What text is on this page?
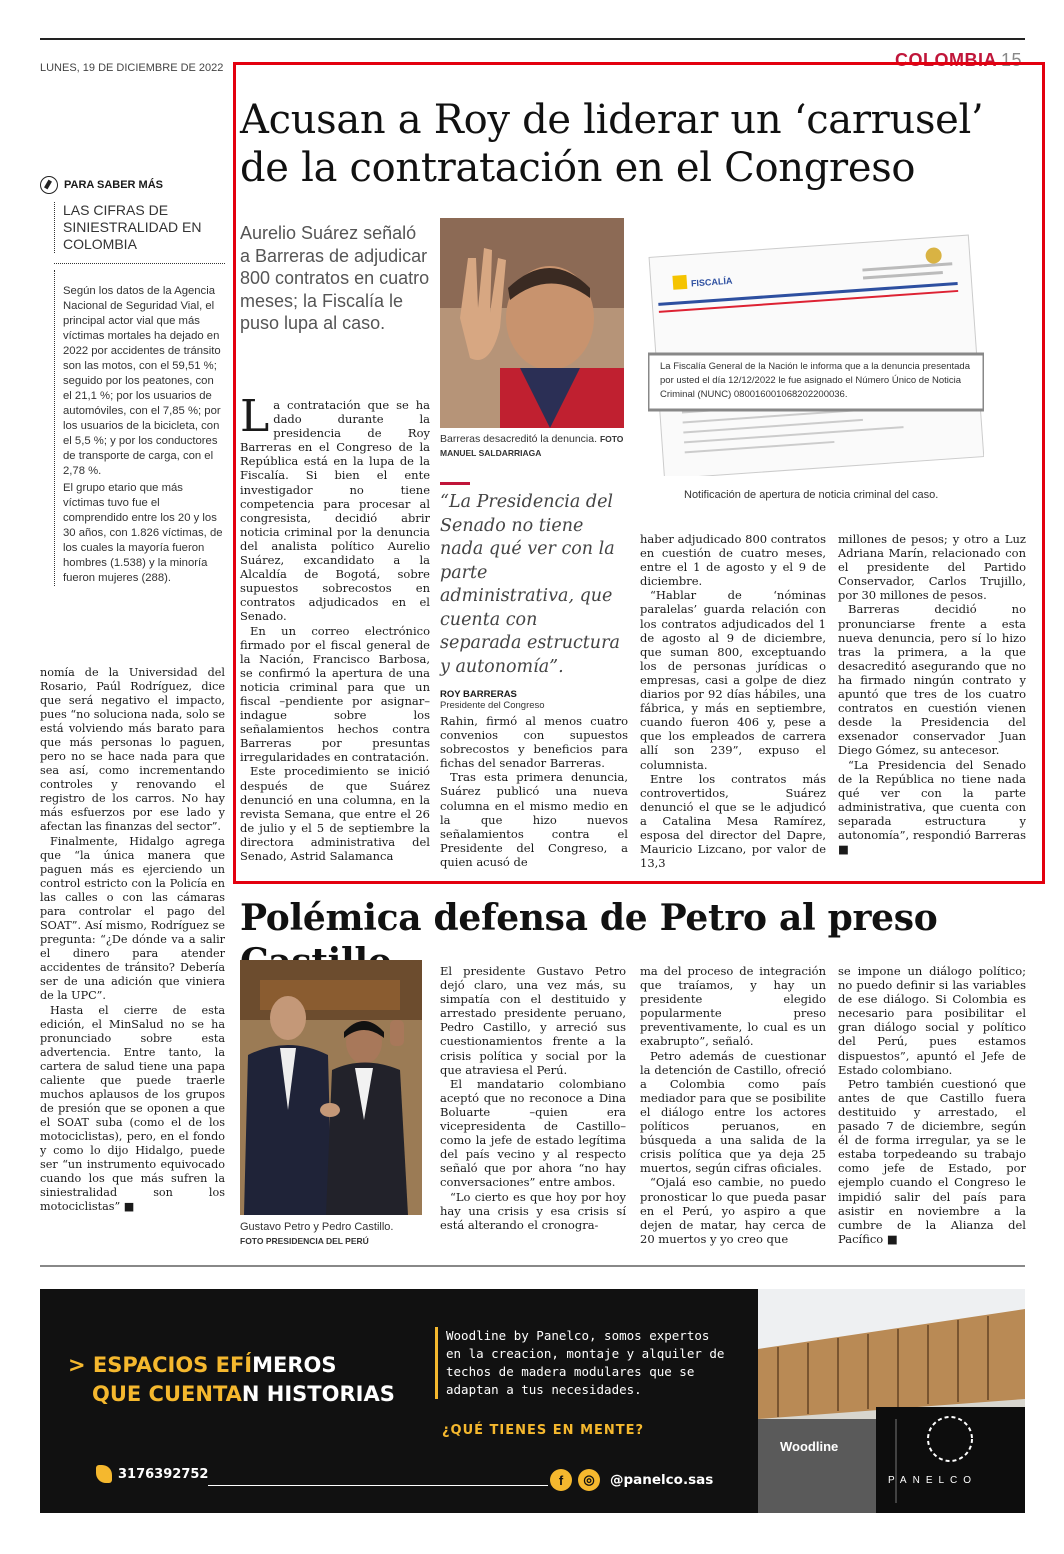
LUNES, 19 DE DICIEMBRE DE 2022	COLOMBIA 15
PARA SABER MÁS
LAS CIFRAS DE SINIESTRALIDAD EN COLOMBIA

Según los datos de la Agencia Nacional de Seguridad Vial, el principal actor vial que más víctimas mortales ha dejado en 2022 por accidentes de tránsito son las motos, con el 59,51 %; seguido por los peatones, con el 21,1 %; por los usuarios de automóviles, con el 7,85 %; por los usuarios de la bicicleta, con el 5,5 %; y por los conductores de transporte de carga, con el 2,78 %.

El grupo etario que más víctimas tuvo fue el comprendido entre los 20 y los 30 años, con 1.826 víctimas, de los cuales la mayoría fueron hombres (1.538) y la minoría fueron mujeres (288).

nomía de la Universidad del Rosario, Paúl Rodríguez, dice que será negativo el impacto, pues “no soluciona nada, solo se está volviendo más barato para que más personas lo paguen, pero no se hace nada para que sea así, como incrementando controles y renovando el registro de los carros. No hay más esfuerzos por ese lado y afectan las finanzas del sector”.

Finalmente, Hidalgo agrega que “la única manera que paguen más es ejerciendo un control estricto con la Policía en las calles o con las cámaras para controlar el pago del SOAT”. Así mismo, Rodríguez se pregunta: “¿De dónde va a salir el dinero para atender accidentes de tránsito? Debería ser de una adición que viniera de la UPC”.

Hasta el cierre de esta edición, el MinSalud no se ha pronunciado sobre esta advertencia. Entre tanto, la cartera de salud tiene una papa caliente que puede traerle muchos aplausos de los grupos de presión que se oponen a que el SOAT suba (como el de los motociclistas), pero, en el fondo y como lo dijo Hidalgo, puede ser “un instrumento equivocado cuando los que más sufren la siniestralidad son los motociclistas” ■

Acusan a Roy de liderar un ‘carrusel’ de la contratación en el Congreso
Aurelio Suárez señaló a Barreras de adjudicar 800 contratos en cuatro meses; la Fiscalía le puso lupa al caso.
Barreras desacreditó la denuncia. FOTO MANUEL SALDARRIAGA
FISCALÍA
La Fiscalía General de la Nación le informa que a la denuncia presentada por usted el día 12/12/2022 le fue asignado el Número Único de Noticia Criminal (NUNC) 080016001068202200036.
Notificación de apertura de noticia criminal del caso.

La contratación que se ha dado durante la presidencia de Roy Barreras en el Congreso de la República está en la lupa de la Fiscalía. Si bien el ente investigador no tiene competencia para procesar al congresista, decidió abrir noticia criminal por la denuncia del analista político Aurelio Suárez, excandidato a la Alcaldía de Bogotá, sobre supuestos sobrecostos en contratos adjudicados en el Senado.

En un correo electrónico firmado por el fiscal general de la Nación, Francisco Barbosa, se confirmó la apertura de una noticia criminal para que un fiscal –pendiente por asignar– indague sobre los señalamientos hechos contra Barreras por presuntas irregularidades en contratación.

Este procedimiento se inició después de que Suárez denunció en una columna, en la revista Semana, que entre el 26 de julio y el 5 de septiembre la directora administrativa del Senado, Astrid Salamanca

“La Presidencia del Senado no tiene nada qué ver con la parte administrativa, que cuenta con separada estructura y autonomía”.
ROY BARRERAS
Presidente del Congreso

Rahin, firmó al menos cuatro convenios con supuestos sobrecostos y beneficios para fichas del senador Barreras.

Tras esta primera denuncia, Suárez publicó una nueva columna en el mismo medio en la que hizo nuevos señalamientos contra el Presidente del Congreso, a quien acusó de

haber adjudicado 800 contratos en cuestión de cuatro meses, entre el 1 de agosto y el 9 de diciembre.

“Hablar de ‘nóminas paralelas’ guarda relación con los contratos adjudicados del 1 de agosto al 9 de diciembre, que suman 800, exceptuando los de personas jurídicas o empresas, casi a golpe de diez diarios por 92 días hábiles, una fábrica, y más en septiembre, cuando fueron 406 y, pese a que los empleados de carrera allí son 239”, expuso el columnista.

Entre los contratos más controvertidos, Suárez denunció el que se le adjudicó a Catalina Mesa Ramírez, esposa del director del Dapre, Mauricio Lizcano, por valor de 13,3

millones de pesos; y otro a Luz Adriana Marín, relacionado con el presidente del Partido Conservador, Carlos Trujillo, por 30 millones de pesos.

Barreras decidió no pronunciarse frente a esta nueva denuncia, pero sí lo hizo tras la primera, a la que desacreditó asegurando que no ha firmado ningún contrato y apuntó que tres de los cuatro contratos en cuestión vienen desde la Presidencia del exsenador conservador Juan Diego Gómez, su antecesor.

“La Presidencia del Senado de la República no tiene nada qué ver con la parte administrativa, que cuenta con separada estructura y autonomía”, respondió Barreras ■

Polémica defensa de Petro al preso
Gustavo Petro y Pedro Castillo.
FOTO PRESIDENCIA DEL PERÚ

El presidente Gustavo Petro dejó claro, una vez más, su simpatía con el destituido y arrestado presidente peruano, Pedro Castillo, y arreció sus cuestionamientos frente a la crisis política y social por la que atraviesa el Perú.

El mandatario colombiano aceptó que no reconoce a Dina Boluarte –quien era vicepresidenta de Castillo– como la jefe de estado legítima del país vecino y al respecto señaló que por ahora “no hay conversaciones” entre ambos.

“Lo cierto es que hoy por hoy hay una crisis y esa crisis sí está alterando el cronogra-

ma del proceso de integración que traíamos, y hay un presidente elegido popularmente preso preventivamente, lo cual es un exabrupto”, señaló.

Petro además de cuestionar la detención de Castillo, ofreció a Colombia como país mediador para que se posibilite el diálogo entre los actores políticos peruanos, en búsqueda a una salida de la crisis política que ya deja 25 muertos, según cifras oficiales.

“Ojalá eso cambie, no puedo pronosticar lo que pueda pasar en el Perú, yo aspiro a que dejen de matar, hay cerca de 20 muertos y yo creo que

se impone un diálogo político; no puedo definir si las variables de ese diálogo. Si Colombia es necesario para posibilitar el gran diálogo social y político del Perú, pues estamos dispuestos”, apuntó el Jefe de Estado colombiano.

Petro también cuestionó que antes de que Castillo fuera destituido y arrestado, el pasado 7 de diciembre, según él de forma irregular, ya se le estaba torpedeando su trabajo como jefe de Estado, por ejemplo cuando el Congreso le impidió salir del país para asistir en noviembre a la cumbre de la Alianza del Pacífico ■

> ESPACIOS EFÍMEROS
QUE CUENTAN HISTORIAS
3176392752
Woodline by Panelco, somos expertos en la creacion, montaje y alquiler de techos de madera modulares que se adaptan a tus necesidades.
¿QUÉ TIENES EN MENTE?
f	◎	@panelco.sas
Woodline
PANELCO
